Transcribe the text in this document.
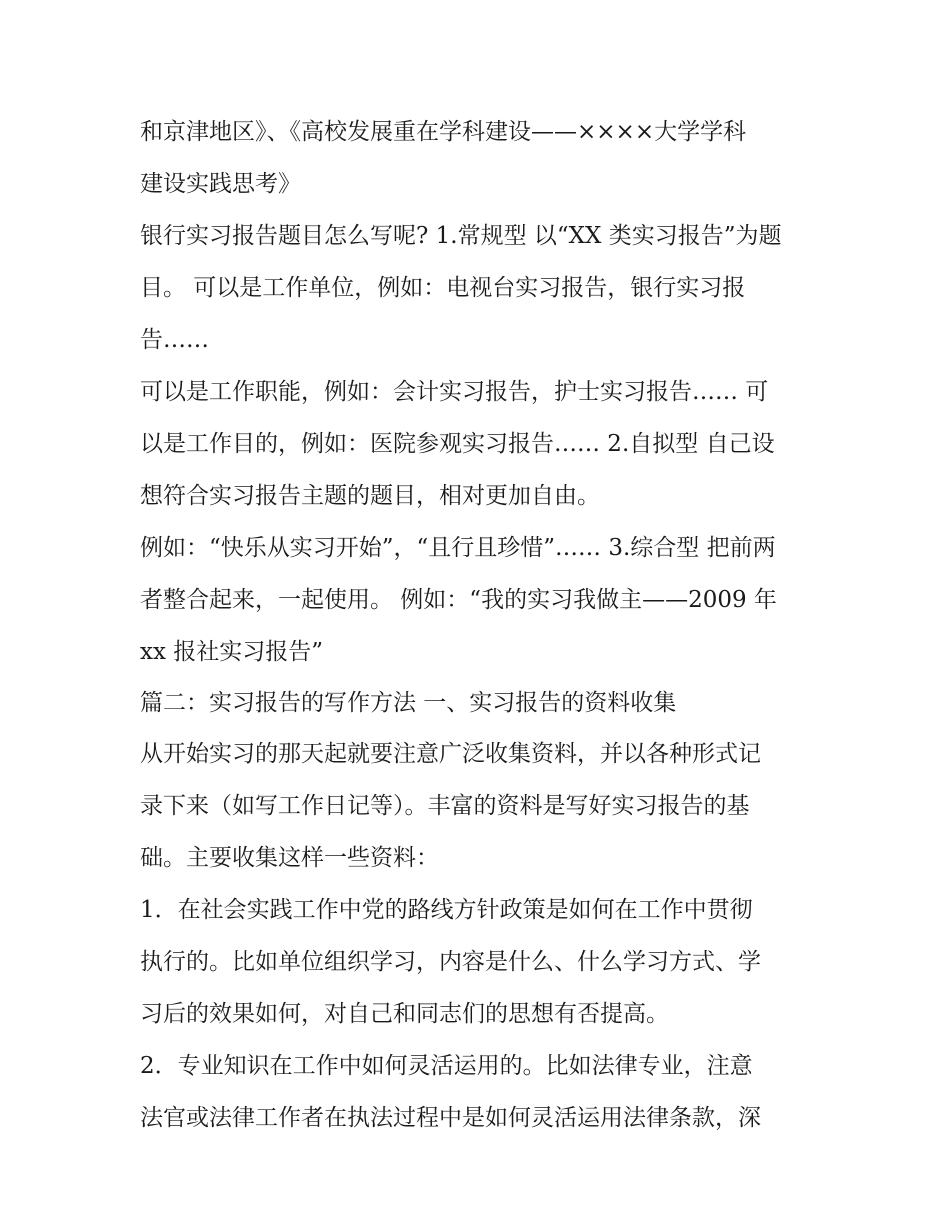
和京津地区》、《高校发展重在学科建设——××××大学学科
建设实践思考》
银行实习报告题目怎么写呢? 1.常规型 以“XX 类实习报告”为题
目。 可以是工作单位，例如：电视台实习报告，银行实习报
告……
可以是工作职能，例如：会计实习报告，护士实习报告…… 可
以是工作目的，例如：医院参观实习报告…… 2.自拟型 自己设
想符合实习报告主题的题目，相对更加自由。
例如：“快乐从实习开始”，“且行且珍惜”…… 3.综合型 把前两
者整合起来，一起使用。 例如：“我的实习我做主——2009 年
xx 报社实习报告”
篇二：实习报告的写作方法 一、实习报告的资料收集
从开始实习的那天起就要注意广泛收集资料，并以各种形式记
录下来（如写工作日记等）。丰富的资料是写好实习报告的基
础。主要收集这样一些资料：
1．在社会实践工作中党的路线方针政策是如何在工作中贯彻
执行的。比如单位组织学习，内容是什么、什么学习方式、学
习后的效果如何，对自己和同志们的思想有否提高。
2．专业知识在工作中如何灵活运用的。比如法律专业，注意
法官或法律工作者在执法过程中是如何灵活运用法律条款，深
